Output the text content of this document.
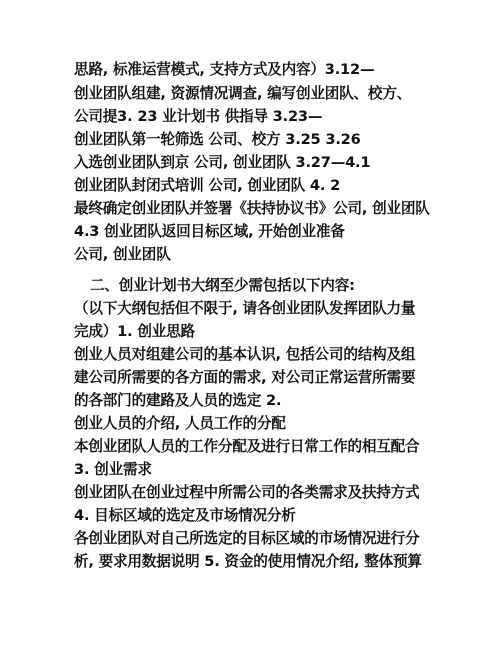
思路, 标准运营模式, 支持方式及内容）3.12—
创业团队组建, 资源情况调查, 编写创业团队、校方、
公司提3. 23 业计划书 供指导 3.23—
创业团队第一轮筛选 公司、校方 3.25 3.26
入选创业团队到京 公司, 创业团队 3.27—4.1
创业团队封闭式培训 公司, 创业团队 4. 2
最终确定创业团队并签署《扶持协议书》公司, 创业团队
4.3 创业团队返回目标区域, 开始创业准备
公司, 创业团队
二、创业计划书大纲至少需包括以下内容:
（以下大纲包括但不限于, 请各创业团队发挥团队力量
完成）1. 创业思路
创业人员对组建公司的基本认识, 包括公司的结构及组
建公司所需要的各方面的需求, 对公司正常运营所需要
的各部门的建路及人员的选定 2.
创业人员的介绍, 人员工作的分配
本创业团队人员的工作分配及进行日常工作的相互配合
3. 创业需求
创业团队在创业过程中所需公司的各类需求及扶持方式
4. 目标区域的选定及市场情况分析
各创业团队对自己所选定的目标区域的市场情况进行分
析, 要求用数据说明 5. 资金的使用情况介绍, 整体预算
